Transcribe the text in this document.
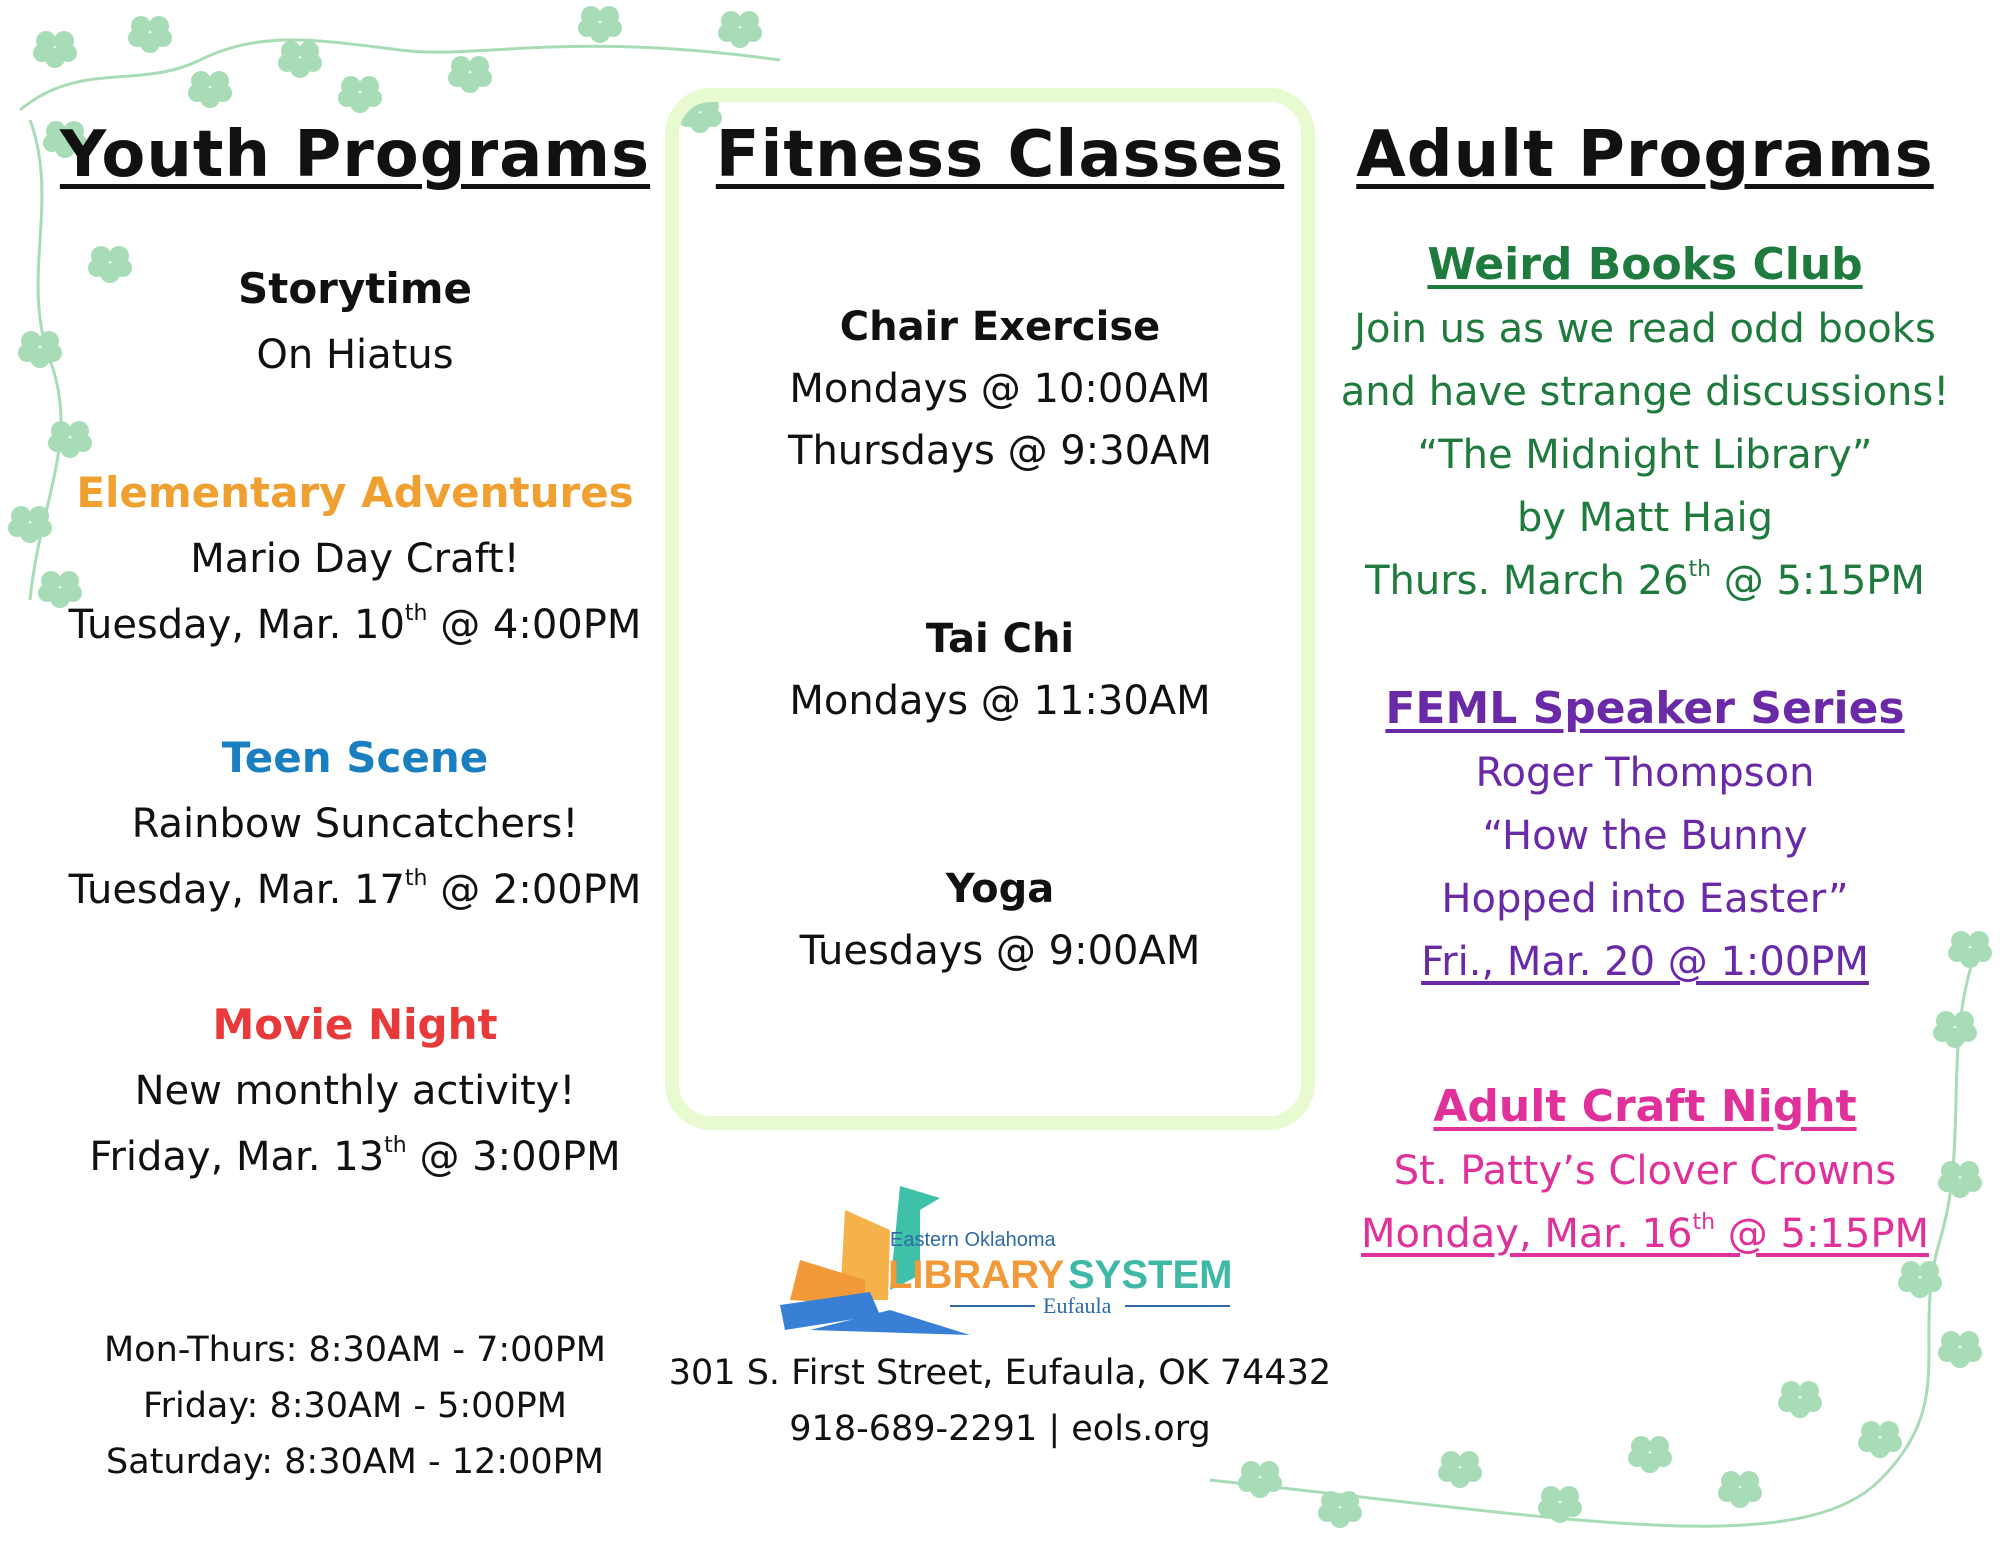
Youth Programs
Storytime
On Hiatus
Elementary Adventures
Mario Day Craft!
Tuesday, Mar. 10th @ 4:00PM
Teen Scene
Rainbow Suncatchers!
Tuesday, Mar. 17th @ 2:00PM
Movie Night
New monthly activity!
Friday, Mar. 13th @ 3:00PM
Mon-Thurs: 8:30AM - 7:00PM
Friday: 8:30AM - 5:00PM
Saturday: 8:30AM - 12:00PM
Fitness Classes
Chair Exercise
Mondays @ 10:00AM
Thursdays @ 9:30AM
Tai Chi
Mondays @ 11:30AM
Yoga
Tuesdays @ 9:00AM
301 S. First Street, Eufaula, OK 74432
918-689-2291 | eols.org
Eastern Oklahoma
LIBRARY SYSTEM
Eufaula
Adult Programs
Weird Books Club
Join us as we read odd books
and have strange discussions!
“The Midnight Library”
by Matt Haig
Thurs. March 26th @ 5:15PM
FEML Speaker Series
Roger Thompson
“How the Bunny
Hopped into Easter”
Fri., Mar. 20 @ 1:00PM
Adult Craft Night
St. Patty’s Clover Crowns
Monday, Mar. 16th @ 5:15PM
